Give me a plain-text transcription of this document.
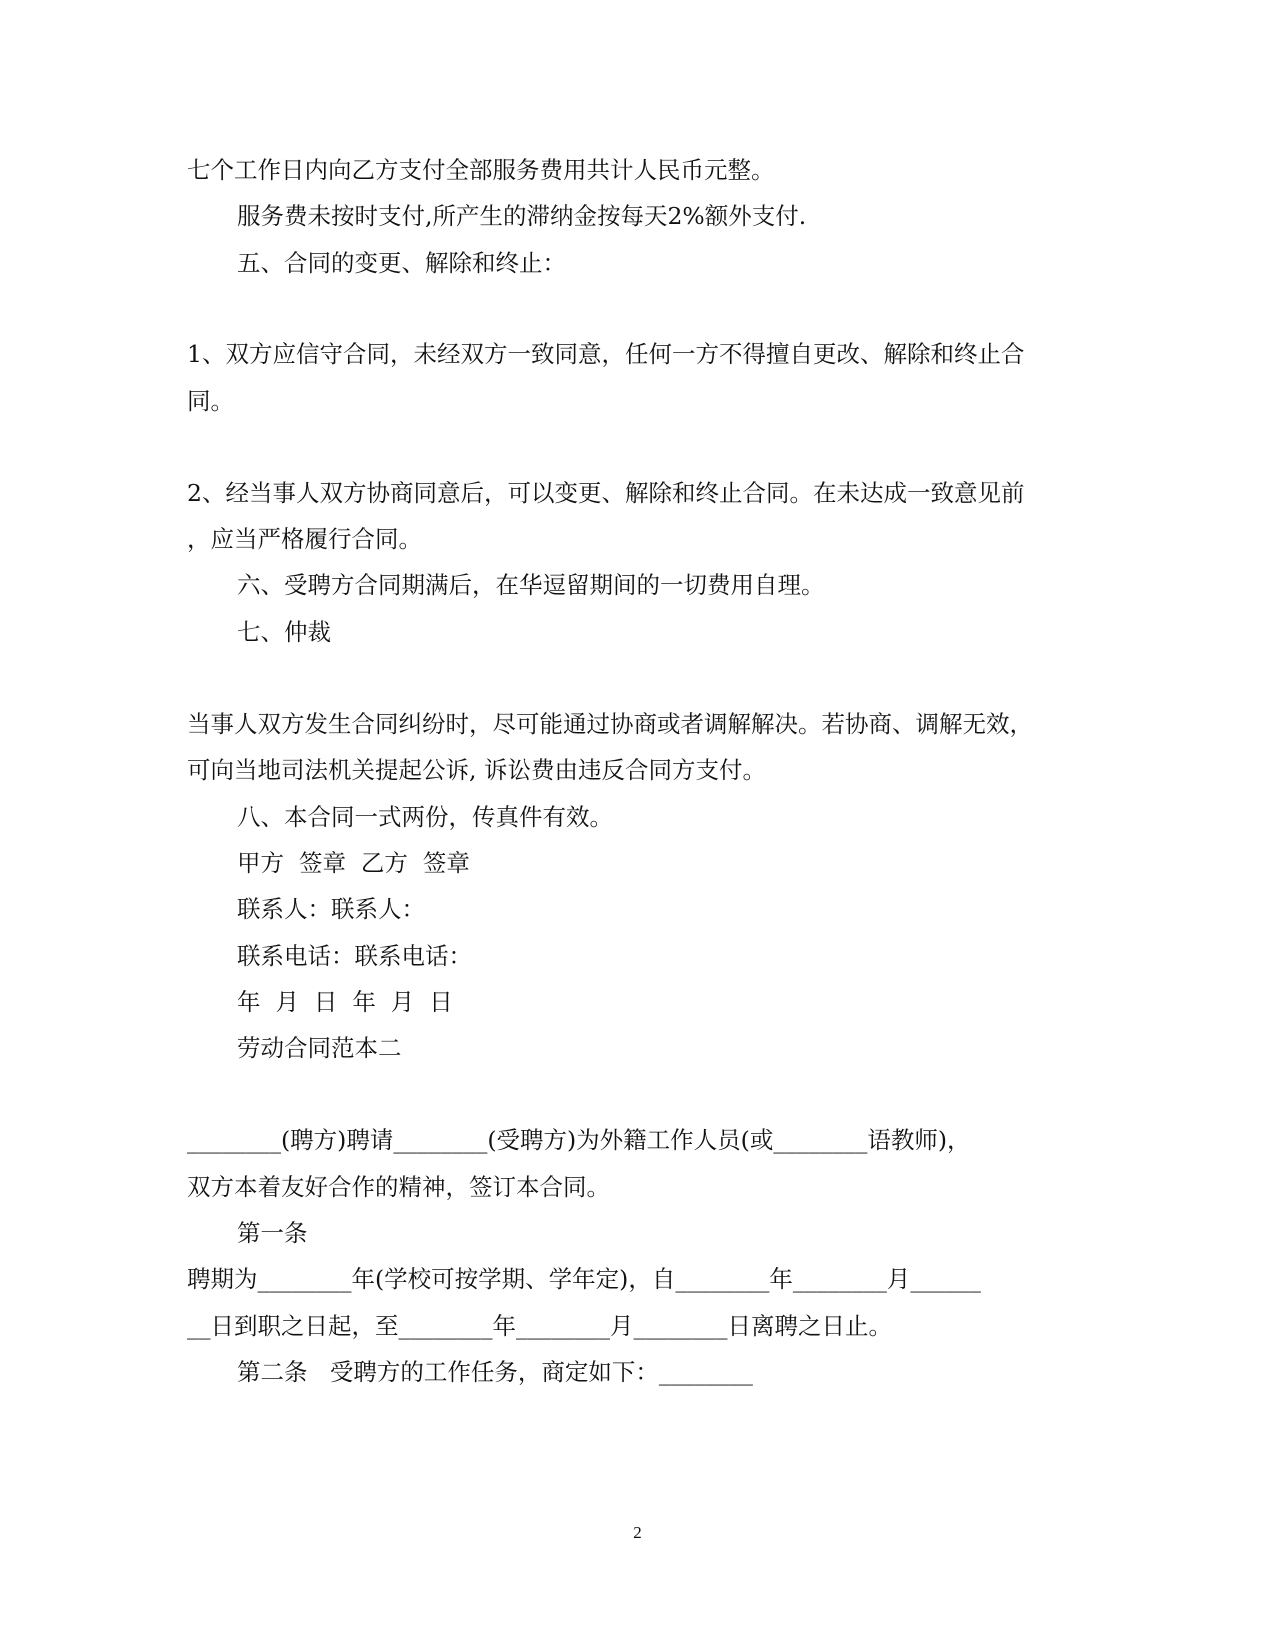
七个工作日内向乙方支付全部服务费用共计人民币元整。
服务费未按时支付,所产生的滞纳金按每天2%额外支付.
五、合同的变更、解除和终止：
1、双方应信守合同，未经双方一致同意，任何一方不得擅自更改、解除和终止合
同。
2、经当事人双方协商同意后，可以变更、解除和终止合同。在未达成一致意见前
，应当严格履行合同。
六、受聘方合同期满后，在华逗留期间的一切费用自理。
七、仲裁
当事人双方发生合同纠纷时，尽可能通过协商或者调解解决。若协商、调解无效，
可向当地司法机关提起公诉, 诉讼费由违反合同方支付。
八、本合同一式两份，传真件有效。
甲方  签章  乙方  签章
联系人：联系人：
联系电话：联系电话：
年  月  日  年  月  日
劳动合同范本二
________(聘方)聘请________(受聘方)为外籍工作人员(或________语教师)，
双方本着友好合作的精神，签订本合同。
第一条
聘期为________年(学校可按学期、学年定)，自________年________月______
__日到职之日起，至________年________月________日离聘之日止。
第二条   受聘方的工作任务，商定如下：________
2
